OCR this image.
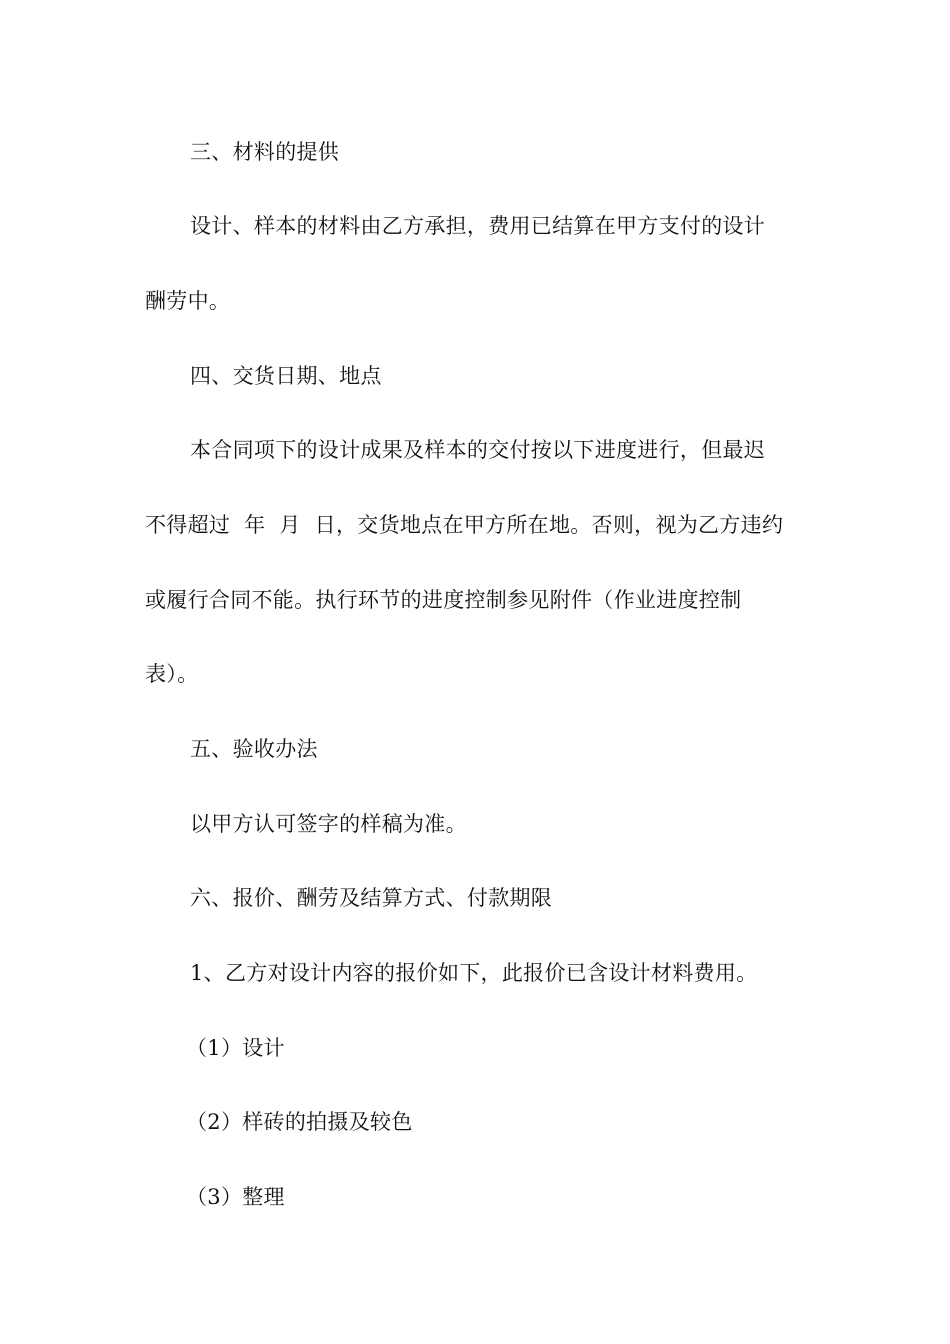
三、材料的提供
设计、样本的材料由乙方承担，费用已结算在甲方支付的设计
酬劳中。
四、交货日期、地点
本合同项下的设计成果及样本的交付按以下进度进行，但最迟
不得超过  年  月  日，交货地点在甲方所在地。否则，视为乙方违约
或履行合同不能。执行环节的进度控制参见附件（作业进度控制
表）。
五、验收办法
以甲方认可签字的样稿为准。
六、报价、酬劳及结算方式、付款期限
1、乙方对设计内容的报价如下，此报价已含设计材料费用。
（1）设计
（2）样砖的拍摄及较色
（3）整理
